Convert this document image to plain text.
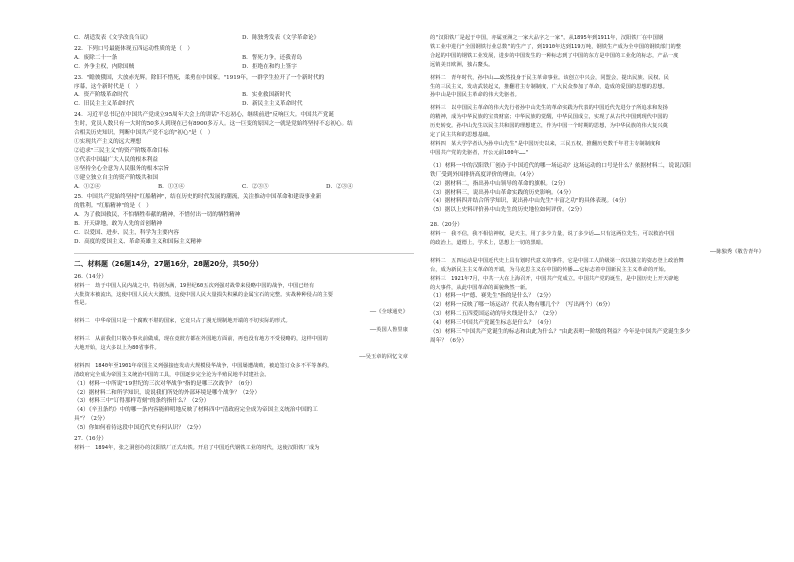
C．胡适发表《文学改良刍议》	D．陈独秀发表《文学革命论》
22．下列口号最能体现五四运动性质的是（　）
A．废除二十一条	B．誓死力争，还我青岛
C．外争主权，内除国贼	D．拒绝在和约上签字
23．"瞻彼俄国，大放赤光辉。除旧不惜死，柔勇在中国家。"1919年，一群学生拉开了一个新时代的
序幕，这个新时代是（　）
A．资产阶级革命时代	B．实业救国新时代
C．旧民主主义革命时代	D．新民主主义革命时代
24．习近平总书记在中国共产党成立95周年大会上的讲话"不忘初心，继续前进"反响巨大。中国共产党诞
生时，党员人数只有一大时的50多人到现在已有8900多万人。这一巨变的原因之一就是党始终坚持不忘初心。结
合相关历史知识，判断中国共产党不忘的"初心"是（　）
①实现共产主义的远大理想
②追求"三民主义"的资产阶级革命目标
③代表中国最广大人民的根本利益
④坚持全心全意为人民服务的根本宗旨
⑤建立独立自主的资产阶级共和国
A．①②④	B．①③④	C．②③⑤	D．②③④
25．中国共产党始终坚持"红船精神"，结在历史的时代发展的潮流，关注推动中国革命和建设事业新
的胜利。"红船精神"的是（　）
A．为了救国救民，不怕牺牲奉献的精神，不惜付出一切的牺牲精神
B．开天辟地，敢为人先的首创精神
C．以爱国、进步、民主，科学为主要内容
D．高度的爱国主义、革命英雄主义和国际主义精神
二、材料题（26题14分，27题16分，28题20分，共50分）
26.（14分）
材料一　劫于中国人民内战之中，特别为满，19世纪60五次列强对战带来侵略中国的战争，中国已经有
大批资本被流出，这使中国人民大大激愤，这使中国人民大量损失积累的金属宝石的完整。实战种种侵占的主要
性是。
——《全球通史》
材料二　中华帝国只是一个腐败不堪的国家，它竟只占了漫无规制地开端的不切实际的形式。
——英国人鲁里康
材料三　从前我们只敬办事火前做成，现在竟彼方都在外国地方面前，再也没有地方不受侵略的，这样中国的
大地开始，这大多以上为80省事件。
——吴玉章的回忆文章
材料四　1840年至1901年帝国主义列强接连发动大规模侵华战争，中国屡遭战败，被迫签订众多不平等条约，
清政府完全成为帝国主义统治中国的工具，中国逐步完全沦为半殖民地半封建社会。
（1）材料一中所说"19世纪的三次对华战争"指的是哪三次战争？（6分）
（2）据材料二和所学知识，说说我们所处的外部环境是哪个战争？（2分）
（3）材料三中"订得那样苛刻"的条约指什么？（2分）
（4）《辛丑条约》中的哪一条内容能鲜明地反映了材料四中"清政府完全成为帝国主义统治中国的工
具"？（2分）
（5）你如何看待这段中国近代史有何认识？（2分）
27.（16分）
材料一　1894年，张之洞创办的汉阳铁厂正式出铁。开启了中国近代钢铁工业的时代，这使汉阳铁厂成为
的"汉阳铁厂是起于中国，亦属亚洲之一家大品字之一家"。从1895年到1911年，汉阳铁厂在中国钢
铁工业中进行"全国钢铁行业总数"的生产了，到1910年达到119万吨，钢铁生产成为全中国的钢铁部门的整
合起的中国的钢铁工业发展，进步的中国发生的一种标志到了中国的东方是中国的工业化的标志，产品一度
远销美日欧洲，独占鳌头。
材料二　青年时代，孙中山……致然投身于民主革命事业。该创立中兴会，同盟会，提出民族、民权、民
生的三民主义，发动武装起义，推翻君主专制制度，广大民众参加了革命，造成的爱国的思想的思想。
孙中山是中国民主革命的伟大先驱者。
材料三　以中国民主革命的伟大先行者孙中山先生的革命实践为代表的中国近代先进分子所追求和发扬
的精神，成为中华民族的宝贵财富；中华民族的觉醒，中华民国成立，实现了从古代中国到现代中国的
历史转变。孙中山先生以民主共和国的理想建立，作为中国一个时期的思想，为中华民族的伟大复兴奠
定了民主共和的思想基础。
材料四　某大学学者认为孙中山先生"是中国历史以来，三民五权，推翻历史数千年君主专制制度和
中国共产党的先驱者，开公元前100年……"
（1）材料一中的汉阳铁厂创办于中国近代的哪一场运动？这场运动的口号是什么？依据材料二，说说汉阳
铁厂受到外国排挤高度评价的理由。（4分）
（2）据材料二，指出孙中山领导的革命的旗帜。（2分）
（3）据材料三，说出孙中山革命实践的历史影响。（4分）
（4）据材料四并结合所学知识，说出孙中山先生"丰富之功"的具体表现。（4分）
（5）据以上史料评价孙中山先生的历史地位如何评价。（2分）
28.（20分）
材料一　我不信，我不相信神权，是天主，用了多少力量，说了多少话……只有这两位先生，可以救治中国
的政治上，道德上，学术上，思想上一切的黑暗。
——陈独秀《敬告青年》
材料二　五四运动是中国近代史上具有划时代意义的事件，它是中国工人阶级第一次以独立的姿态登上政治舞
台，成为新民主主义革命的开端，为马克思主义在中国的传播……它标志着中国新民主主义革命的开始。
材料三　1921年7月，中共一大在上海召开，中国共产党成立。中国共产党的诞生，是中国历史上开天辟地
的大事件，从此中国革命的面貌焕然一新。
（1）材料一中"德、赛先生"指的是什么？（2分）
（2）材料一反映了哪一场运动？代表人物有哪几个？（写出两个）（6分）
（3）材料二五四爱国运动的导火线是什么？（2分）
（4）材料三中国共产党诞生标志是什么？（4分）
（5）材料三"中国共产党诞生的标志和由此为什么？"由此表明一阶级的利益？今年是中国共产党诞生多少
周年？（6分）
